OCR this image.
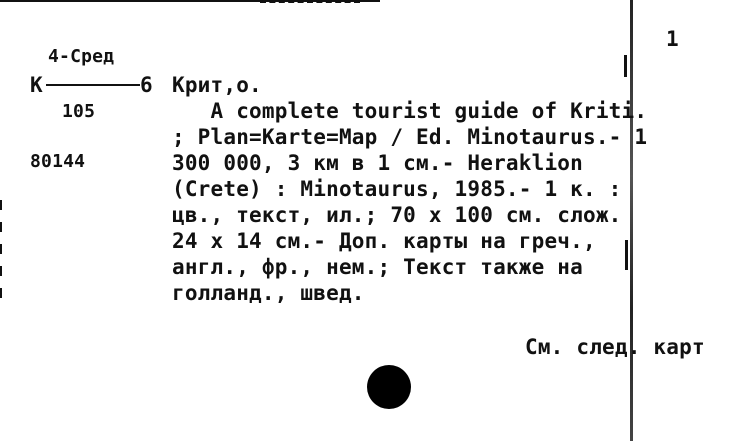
1
4-Сред
К	6
105
80144
Крит,о.
A complete tourist guide of Kriti.
; Plan=Karte=Map / Ed. Minotaurus.- 1
300 000, 3 км в 1 см.- Heraklion
(Crete) : Minotaurus, 1985.- 1 к. :
цв., текст, ил.; 70 x 100 см. слож.
24 x 14 см.- Доп. карты на греч.,
англ., фр., нем.; Текст также на
голланд., швед.
См. след. карт
